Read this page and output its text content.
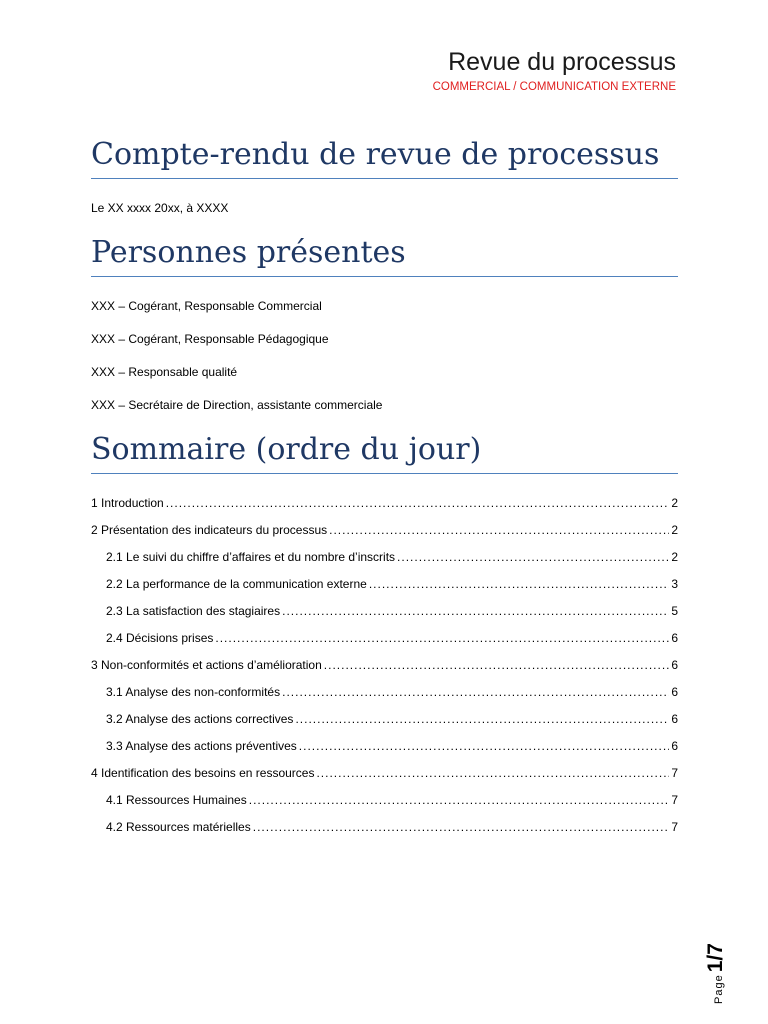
Revue du processus
COMMERCIAL / COMMUNICATION EXTERNE
Compte-rendu de revue de processus
Le XX xxxx 20xx, à XXXX
Personnes présentes
XXX – Cogérant, Responsable Commercial
XXX – Cogérant, Responsable Pédagogique
XXX – Responsable qualité
XXX – Secrétaire de Direction, assistante commerciale
Sommaire (ordre du jour)
1 Introduction .....	2
2 Présentation des indicateurs du processus .....	2
2.1 Le suivi du chiffre d’affaires et du nombre d’inscrits .....	2
2.2 La performance de la communication externe .....	3
2.3 La satisfaction des stagiaires .....	5
2.4 Décisions prises .....	6
3 Non-conformités et actions d’amélioration .....	6
3.1 Analyse des non-conformités .....	6
3.2 Analyse des actions correctives .....	6
3.3 Analyse des actions préventives .....	6
4 Identification des besoins en ressources .....	7
4.1 Ressources Humaines .....	7
4.2 Ressources matérielles .....	7
Page1/7
